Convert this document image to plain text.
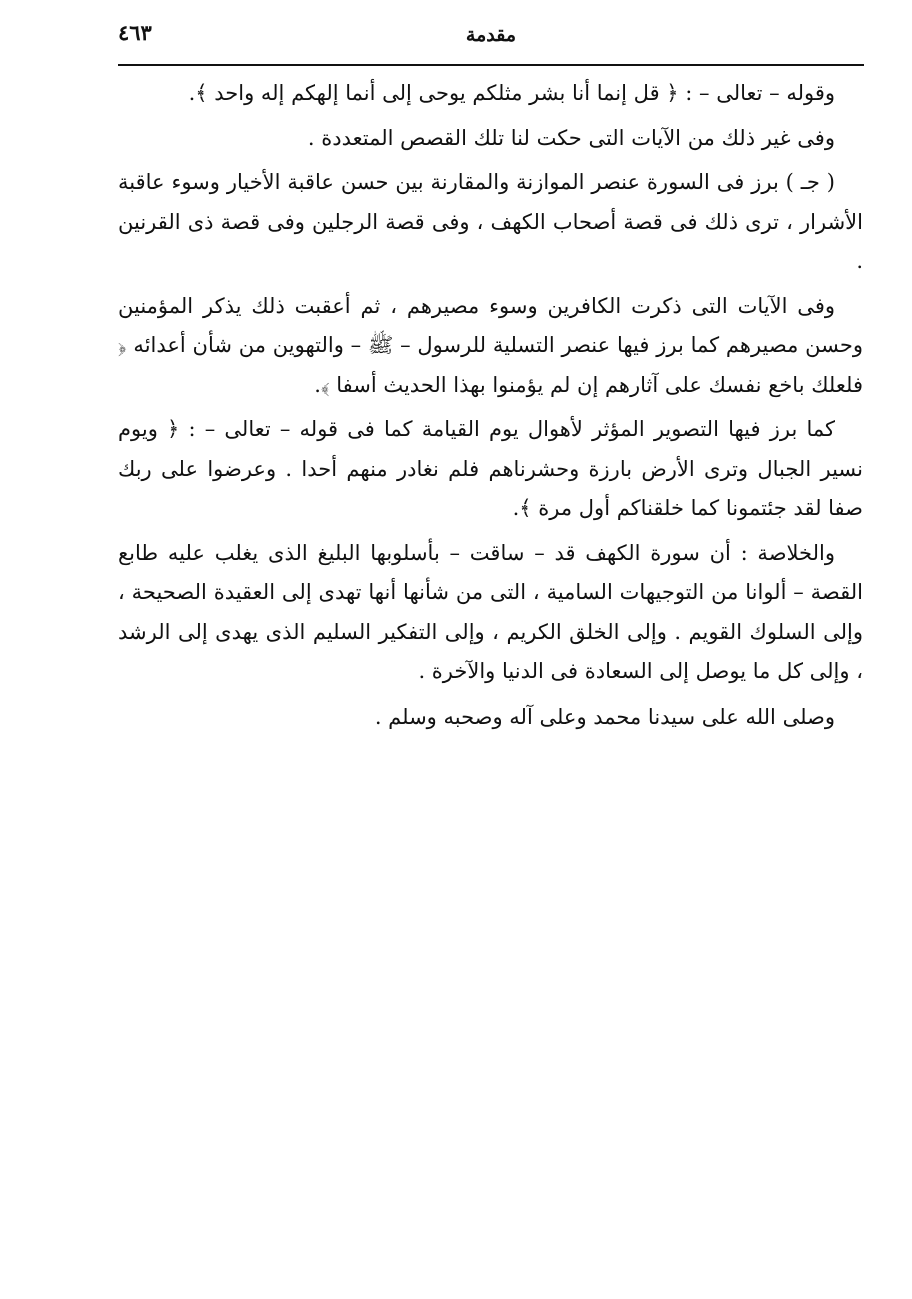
٤٦٣	مقدمة

وقوله – تعالى – : ﴿ قل إنما أنا بشر مثلكم يوحى إلى أنما إلهكم إله واحد ﴾.

وفى غير ذلك من الآيات التى حكت لنا تلك القصص المتعددة .

( جـ ) برز فى السورة عنصر الموازنة والمقارنة بين حسن عاقبة الأخيار وسوء عاقبة الأشرار ، ترى ذلك فى قصة أصحاب الكهف ، وفى قصة الرجلين وفى قصة ذى القرنين .

وفى الآيات التى ذكرت الكافرين وسوء مصيرهم ، ثم أعقبت ذلك يذكر المؤمنين وحسن مصيرهم كما برز فيها عنصر التسلية للرسول – ﷺ – والتهوين من شأن أعدائه ﴿ فلعلك باخع نفسك على آثارهم إن لم يؤمنوا بهذا الحديث أسفا ﴾.

كما برز فيها التصوير المؤثر لأهوال يوم القيامة كما فى قوله – تعالى – : ﴿ ويوم نسير الجبال وترى الأرض بارزة وحشرناهم فلم نغادر منهم أحدا . وعرضوا على ربك صفا لقد جئتمونا كما خلقناكم أول مرة ﴾.

والخلاصة : أن سورة الكهف قد – ساقت – بأسلوبها البليغ الذى يغلب عليه طابع القصة – ألوانا من التوجيهات السامية ، التى من شأنها أنها تهدى إلى العقيدة الصحيحة ، وإلى السلوك القويم . وإلى الخلق الكريم ، وإلى التفكير السليم الذى يهدى إلى الرشد ، وإلى كل ما يوصل إلى السعادة فى الدنيا والآخرة .

وصلى الله على سيدنا محمد وعلى آله وصحبه وسلم .
